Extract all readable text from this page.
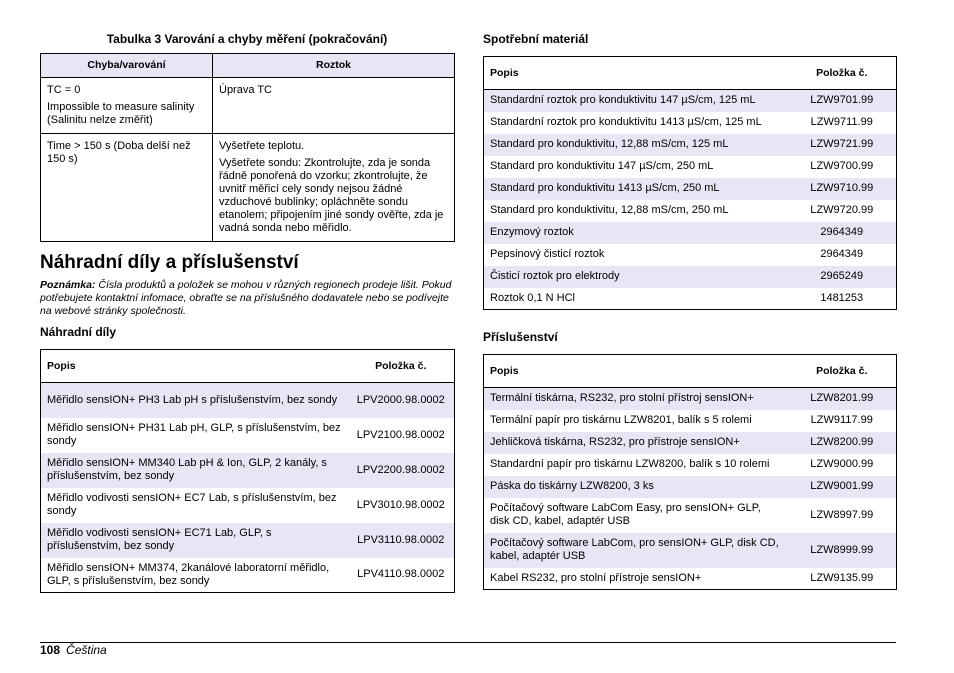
Tabulka 3 Varování a chyby měření (pokračování)
Chyba/varování	Roztok

TC = 0

Impossible to measure salinity (Salinitu nelze změřit)	Úprava TC

Time > 150 s (Doba delší než 150 s)	Vyšetřete teplotu.

Vyšetřete sondu: Zkontrolujte, zda je sonda řádně ponořená do vzorku; zkontrolujte, že uvnitř měřicí cely sondy nejsou žádné vzduchové bublinky; opláchněte sondu etanolem; připojením jiné sondy ověřte, zda je vadná sonda nebo měřidlo.

Náhradní díly a příslušenství
Poznámka: Čísla produktů a položek se mohou v různých regionech prodeje lišit. Pokud potřebujete kontaktní infomace, obraťte se na příslušného dodavatele nebo se podívejte na webové stránky společnosti.
Náhradní díly
Popis	Položka č.
Měřidlo sensION+ PH3 Lab pH s příslušenstvím, bez sondy	LPV2000.98.0002
Měřidlo sensION+ PH31 Lab pH, GLP, s příslušenstvím, bez sondy	LPV2100.98.0002
Měřidlo sensION+ MM340 Lab pH & Ion, GLP, 2 kanály, s příslušenstvím, bez sondy	LPV2200.98.0002
Měřidlo vodivosti sensION+ EC7 Lab, s příslušenstvím, bez sondy	LPV3010.98.0002
Měřidlo vodivosti sensION+ EC71 Lab, GLP, s příslušenstvím, bez sondy	LPV3110.98.0002
Měřidlo sensION+ MM374, 2kanálové laboratorní měřidlo, GLP, s příslušenstvím, bez sondy	LPV4110.98.0002
Spotřební materiál
Popis	Položka č.
Standardní roztok pro konduktivitu 147 µS/cm, 125 mL	LZW9701.99
Standardní roztok pro konduktivitu 1413 µS/cm, 125 mL	LZW9711.99
Standard pro konduktivitu, 12,88 mS/cm, 125 mL	LZW9721.99
Standard pro konduktivitu 147 µS/cm, 250 mL	LZW9700.99
Standard pro konduktivitu 1413 µS/cm, 250 mL	LZW9710.99
Standard pro konduktivitu, 12,88 mS/cm, 250 mL	LZW9720.99
Enzymový roztok	2964349
Pepsinový čisticí roztok	2964349
Čisticí roztok pro elektrody	2965249
Roztok 0,1 N HCl	1481253
Příslušenství
Popis	Položka č.
Termální tiskárna, RS232, pro stolní přístroj sensION+	LZW8201.99
Termální papír pro tiskárnu LZW8201, balík s 5 rolemi	LZW9117.99
Jehličková tiskárna, RS232, pro přístroje sensION+	LZW8200.99
Standardní papír pro tiskárnu LZW8200, balík s 10 rolemi	LZW9000.99
Páska do tiskárny LZW8200, 3 ks	LZW9001.99
Počítačový software LabCom Easy, pro sensION+ GLP, disk CD, kabel, adaptér USB	LZW8997.99
Počítačový software LabCom, pro sensION+ GLP, disk CD, kabel, adaptér USB	LZW8999.99
Kabel RS232, pro stolní přístroje sensION+	LZW9135.99
108 Čeština
